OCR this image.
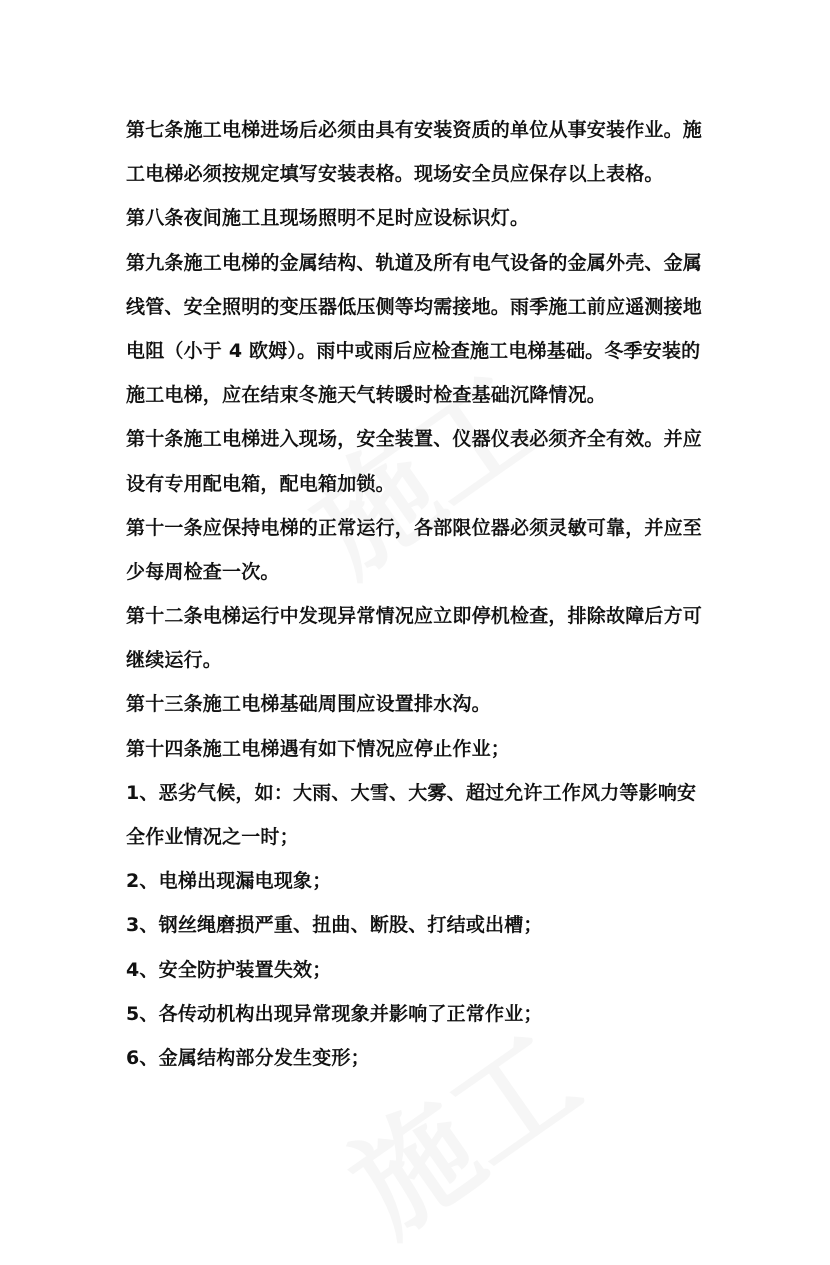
第七条施工电梯进场后必须由具有安装资质的单位从事安装作业。施
工电梯必须按规定填写安装表格。现场安全员应保存以上表格。
第八条夜间施工且现场照明不足时应设标识灯。
第九条施工电梯的金属结构、轨道及所有电气设备的金属外壳、金属
线管、安全照明的变压器低压侧等均需接地。雨季施工前应遥测接地
电阻（小于 4 欧姆）。雨中或雨后应检查施工电梯基础。冬季安装的
施工电梯，应在结束冬施天气转暖时检查基础沉降情况。
第十条施工电梯进入现场，安全装置、仪器仪表必须齐全有效。并应
设有专用配电箱，配电箱加锁。
第十一条应保持电梯的正常运行，各部限位器必须灵敏可靠，并应至
少每周检查一次。
第十二条电梯运行中发现异常情况应立即停机检查，排除故障后方可
继续运行。
第十三条施工电梯基础周围应设置排水沟。
第十四条施工电梯遇有如下情况应停止作业；
1、恶劣气候，如：大雨、大雪、大雾、超过允许工作风力等影响安
全作业情况之一时；
2、电梯出现漏电现象；
3、钢丝绳磨损严重、扭曲、断股、打结或出槽；
4、安全防护装置失效；
5、各传动机构出现异常现象并影响了正常作业；
6、金属结构部分发生变形；
